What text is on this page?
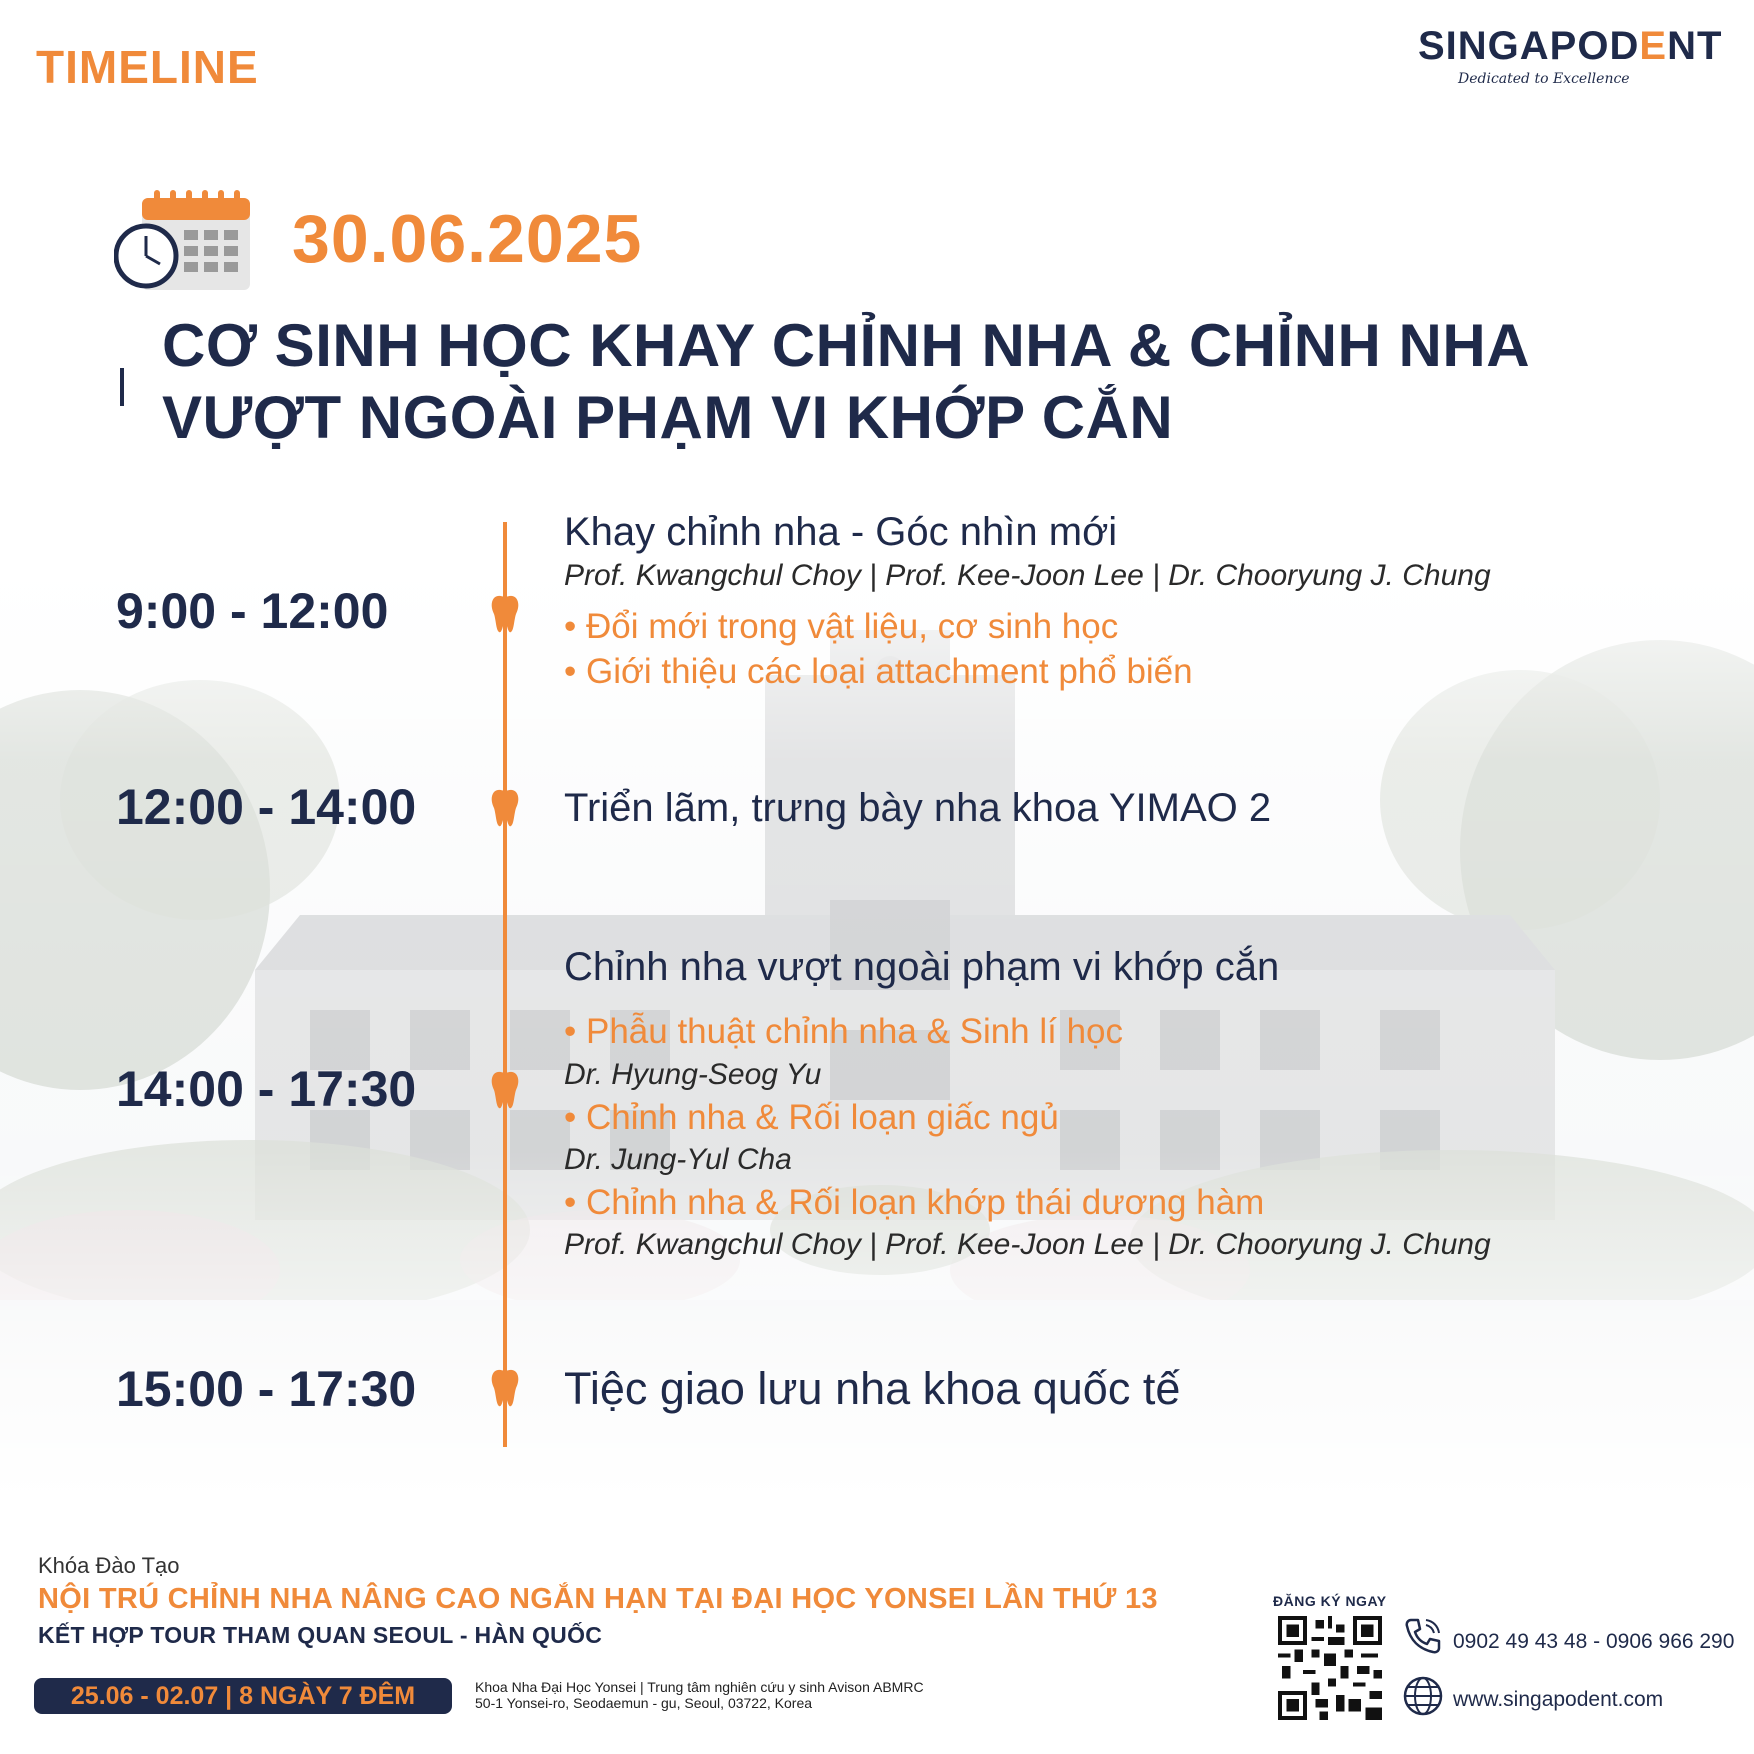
TIMELINE	SINGAPODENT
Dedicated to Excellence
30.06.2025
CƠ SINH HỌC KHAY CHỈNH NHA & CHỈNH NHA
VƯỢT NGOÀI PHẠM VI KHỚP CẮN
9:00 - 12:00
Khay chỉnh nha - Góc nhìn mới
Prof. Kwangchul Choy | Prof. Kee-Joon Lee | Dr. Chooryung J. Chung
• Đổi mới trong vật liệu, cơ sinh học
• Giới thiệu các loại attachment phổ biến
12:00 - 14:00	Triển lãm, trưng bày nha khoa YIMAO 2
14:00 - 17:30
Chỉnh nha vượt ngoài phạm vi khớp cắn
• Phẫu thuật chỉnh nha & Sinh lí học
Dr. Hyung-Seog Yu
• Chỉnh nha & Rối loạn giấc ngủ
Dr. Jung-Yul Cha
• Chỉnh nha & Rối loạn khớp thái dương hàm
Prof. Kwangchul Choy | Prof. Kee-Joon Lee | Dr. Chooryung J. Chung
15:00 - 17:30	Tiệc giao lưu nha khoa quốc tế
Khóa Đào Tạo
NỘI TRÚ CHỈNH NHA NÂNG CAO NGẮN HẠN TẠI ĐẠI HỌC YONSEI LẦN THỨ 13
KẾT HỢP TOUR THAM QUAN SEOUL - HÀN QUỐC
25.06 - 02.07 | 8 NGÀY 7 ĐÊM	Khoa Nha Đại Học Yonsei | Trung tâm nghiên cứu y sinh Avison ABMRC
50-1 Yonsei-ro, Seodaemun - gu, Seoul, 03722, Korea
ĐĂNG KÝ NGAY
0902 49 43 48 - 0906 966 290
www.singapodent.com
